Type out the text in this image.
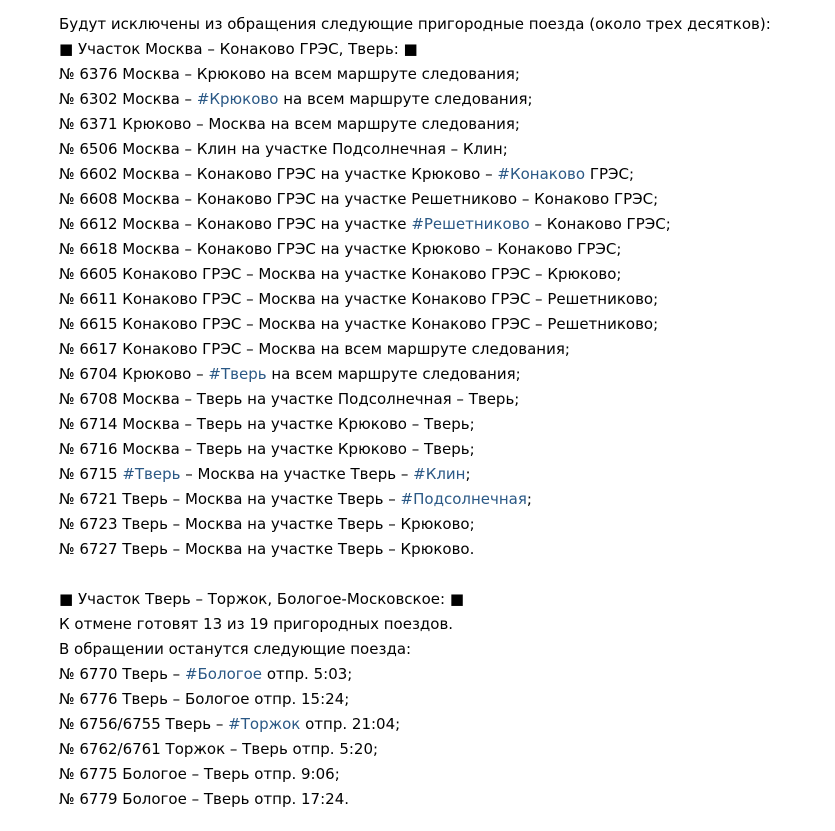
Будут исключены из обращения следующие пригородные поезда (около трех десятков):
■ Участок Москва – Конаково ГРЭС, Тверь: ■
№ 6376 Москва – Крюково на всем маршруте следования;
№ 6302 Москва – #Крюково на всем маршруте следования;
№ 6371 Крюково – Москва на всем маршруте следования;
№ 6506 Москва – Клин на участке Подсолнечная – Клин;
№ 6602 Москва – Конаково ГРЭС на участке Крюково – #Конаково ГРЭС;
№ 6608 Москва – Конаково ГРЭС на участке Решетниково – Конаково ГРЭС;
№ 6612 Москва – Конаково ГРЭС на участке #Решетниково – Конаково ГРЭС;
№ 6618 Москва – Конаково ГРЭС на участке Крюково – Конаково ГРЭС;
№ 6605 Конаково ГРЭС – Москва на участке Конаково ГРЭС – Крюково;
№ 6611 Конаково ГРЭС – Москва на участке Конаково ГРЭС – Решетниково;
№ 6615 Конаково ГРЭС – Москва на участке Конаково ГРЭС – Решетниково;
№ 6617 Конаково ГРЭС – Москва на всем маршруте следования;
№ 6704 Крюково – #Тверь на всем маршруте следования;
№ 6708 Москва – Тверь на участке Подсолнечная – Тверь;
№ 6714 Москва – Тверь на участке Крюково – Тверь;
№ 6716 Москва – Тверь на участке Крюково – Тверь;
№ 6715 #Тверь – Москва на участке Тверь – #Клин;
№ 6721 Тверь – Москва на участке Тверь – #Подсолнечная;
№ 6723 Тверь – Москва на участке Тверь – Крюково;
№ 6727 Тверь – Москва на участке Тверь – Крюково.
■ Участок Тверь – Торжок, Бологое-Московское: ■
К отмене готовят 13 из 19 пригородных поездов.
В обращении останутся следующие поезда:
№ 6770 Тверь – #Бологое отпр. 5:03;
№ 6776 Тверь – Бологое отпр. 15:24;
№ 6756/6755 Тверь – #Торжок отпр. 21:04;
№ 6762/6761 Торжок – Тверь отпр. 5:20;
№ 6775 Бологое – Тверь отпр. 9:06;
№ 6779 Бологое – Тверь отпр. 17:24.
